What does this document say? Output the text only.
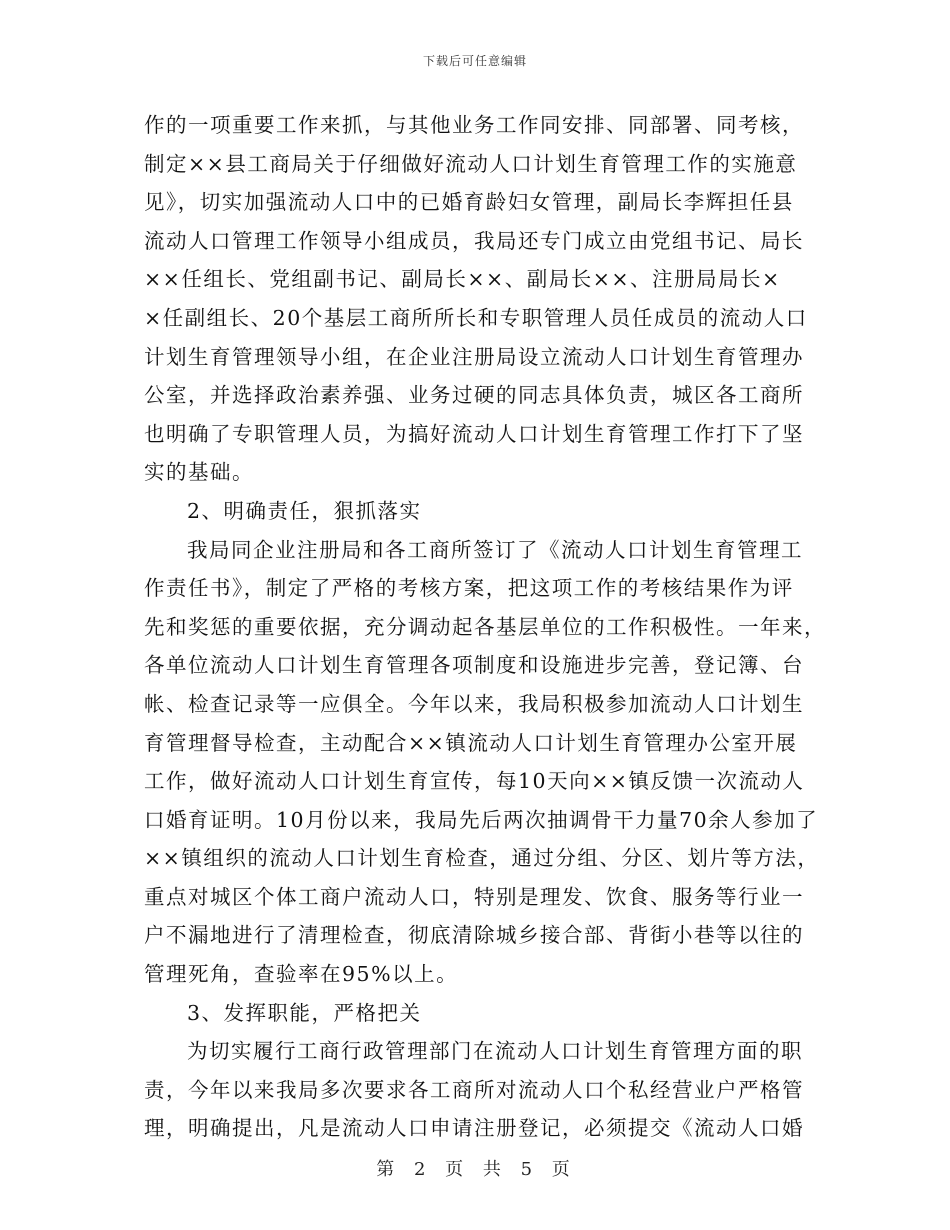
下载后可任意编辑

作的一项重要工作来抓，与其他业务工作同安排、同部署、同考核，
制定××县工商局关于仔细做好流动人口计划生育管理工作的实施意
见》，切实加强流动人口中的已婚育龄妇女管理，副局长李辉担任县
流动人口管理工作领导小组成员，我局还专门成立由党组书记、局长
××任组长、党组副书记、副局长××、副局长××、注册局局长×
×任副组长、20个基层工商所所长和专职管理人员任成员的流动人口
计划生育管理领导小组，在企业注册局设立流动人口计划生育管理办
公室，并选择政治素养强、业务过硬的同志具体负责，城区各工商所
也明确了专职管理人员，为搞好流动人口计划生育管理工作打下了坚
实的基础。

2、明确责任，狠抓落实

我局同企业注册局和各工商所签订了《流动人口计划生育管理工
作责任书》，制定了严格的考核方案，把这项工作的考核结果作为评
先和奖惩的重要依据，充分调动起各基层单位的工作积极性。一年来，
各单位流动人口计划生育管理各项制度和设施进步完善，登记簿、台
帐、检查记录等一应俱全。今年以来，我局积极参加流动人口计划生
育管理督导检查，主动配合××镇流动人口计划生育管理办公室开展
工作，做好流动人口计划生育宣传，每10天向××镇反馈一次流动人
口婚育证明。10月份以来，我局先后两次抽调骨干力量70余人参加了
××镇组织的流动人口计划生育检查，通过分组、分区、划片等方法，
重点对城区个体工商户流动人口，特别是理发、饮食、服务等行业一
户不漏地进行了清理检查，彻底清除城乡接合部、背街小巷等以往的
管理死角，查验率在95%以上。

3、发挥职能，严格把关

为切实履行工商行政管理部门在流动人口计划生育管理方面的职
责，今年以来我局多次要求各工商所对流动人口个私经营业户严格管
理，明确提出，凡是流动人口申请注册登记，必须提交《流动人口婚

第 2 页 共 5 页
